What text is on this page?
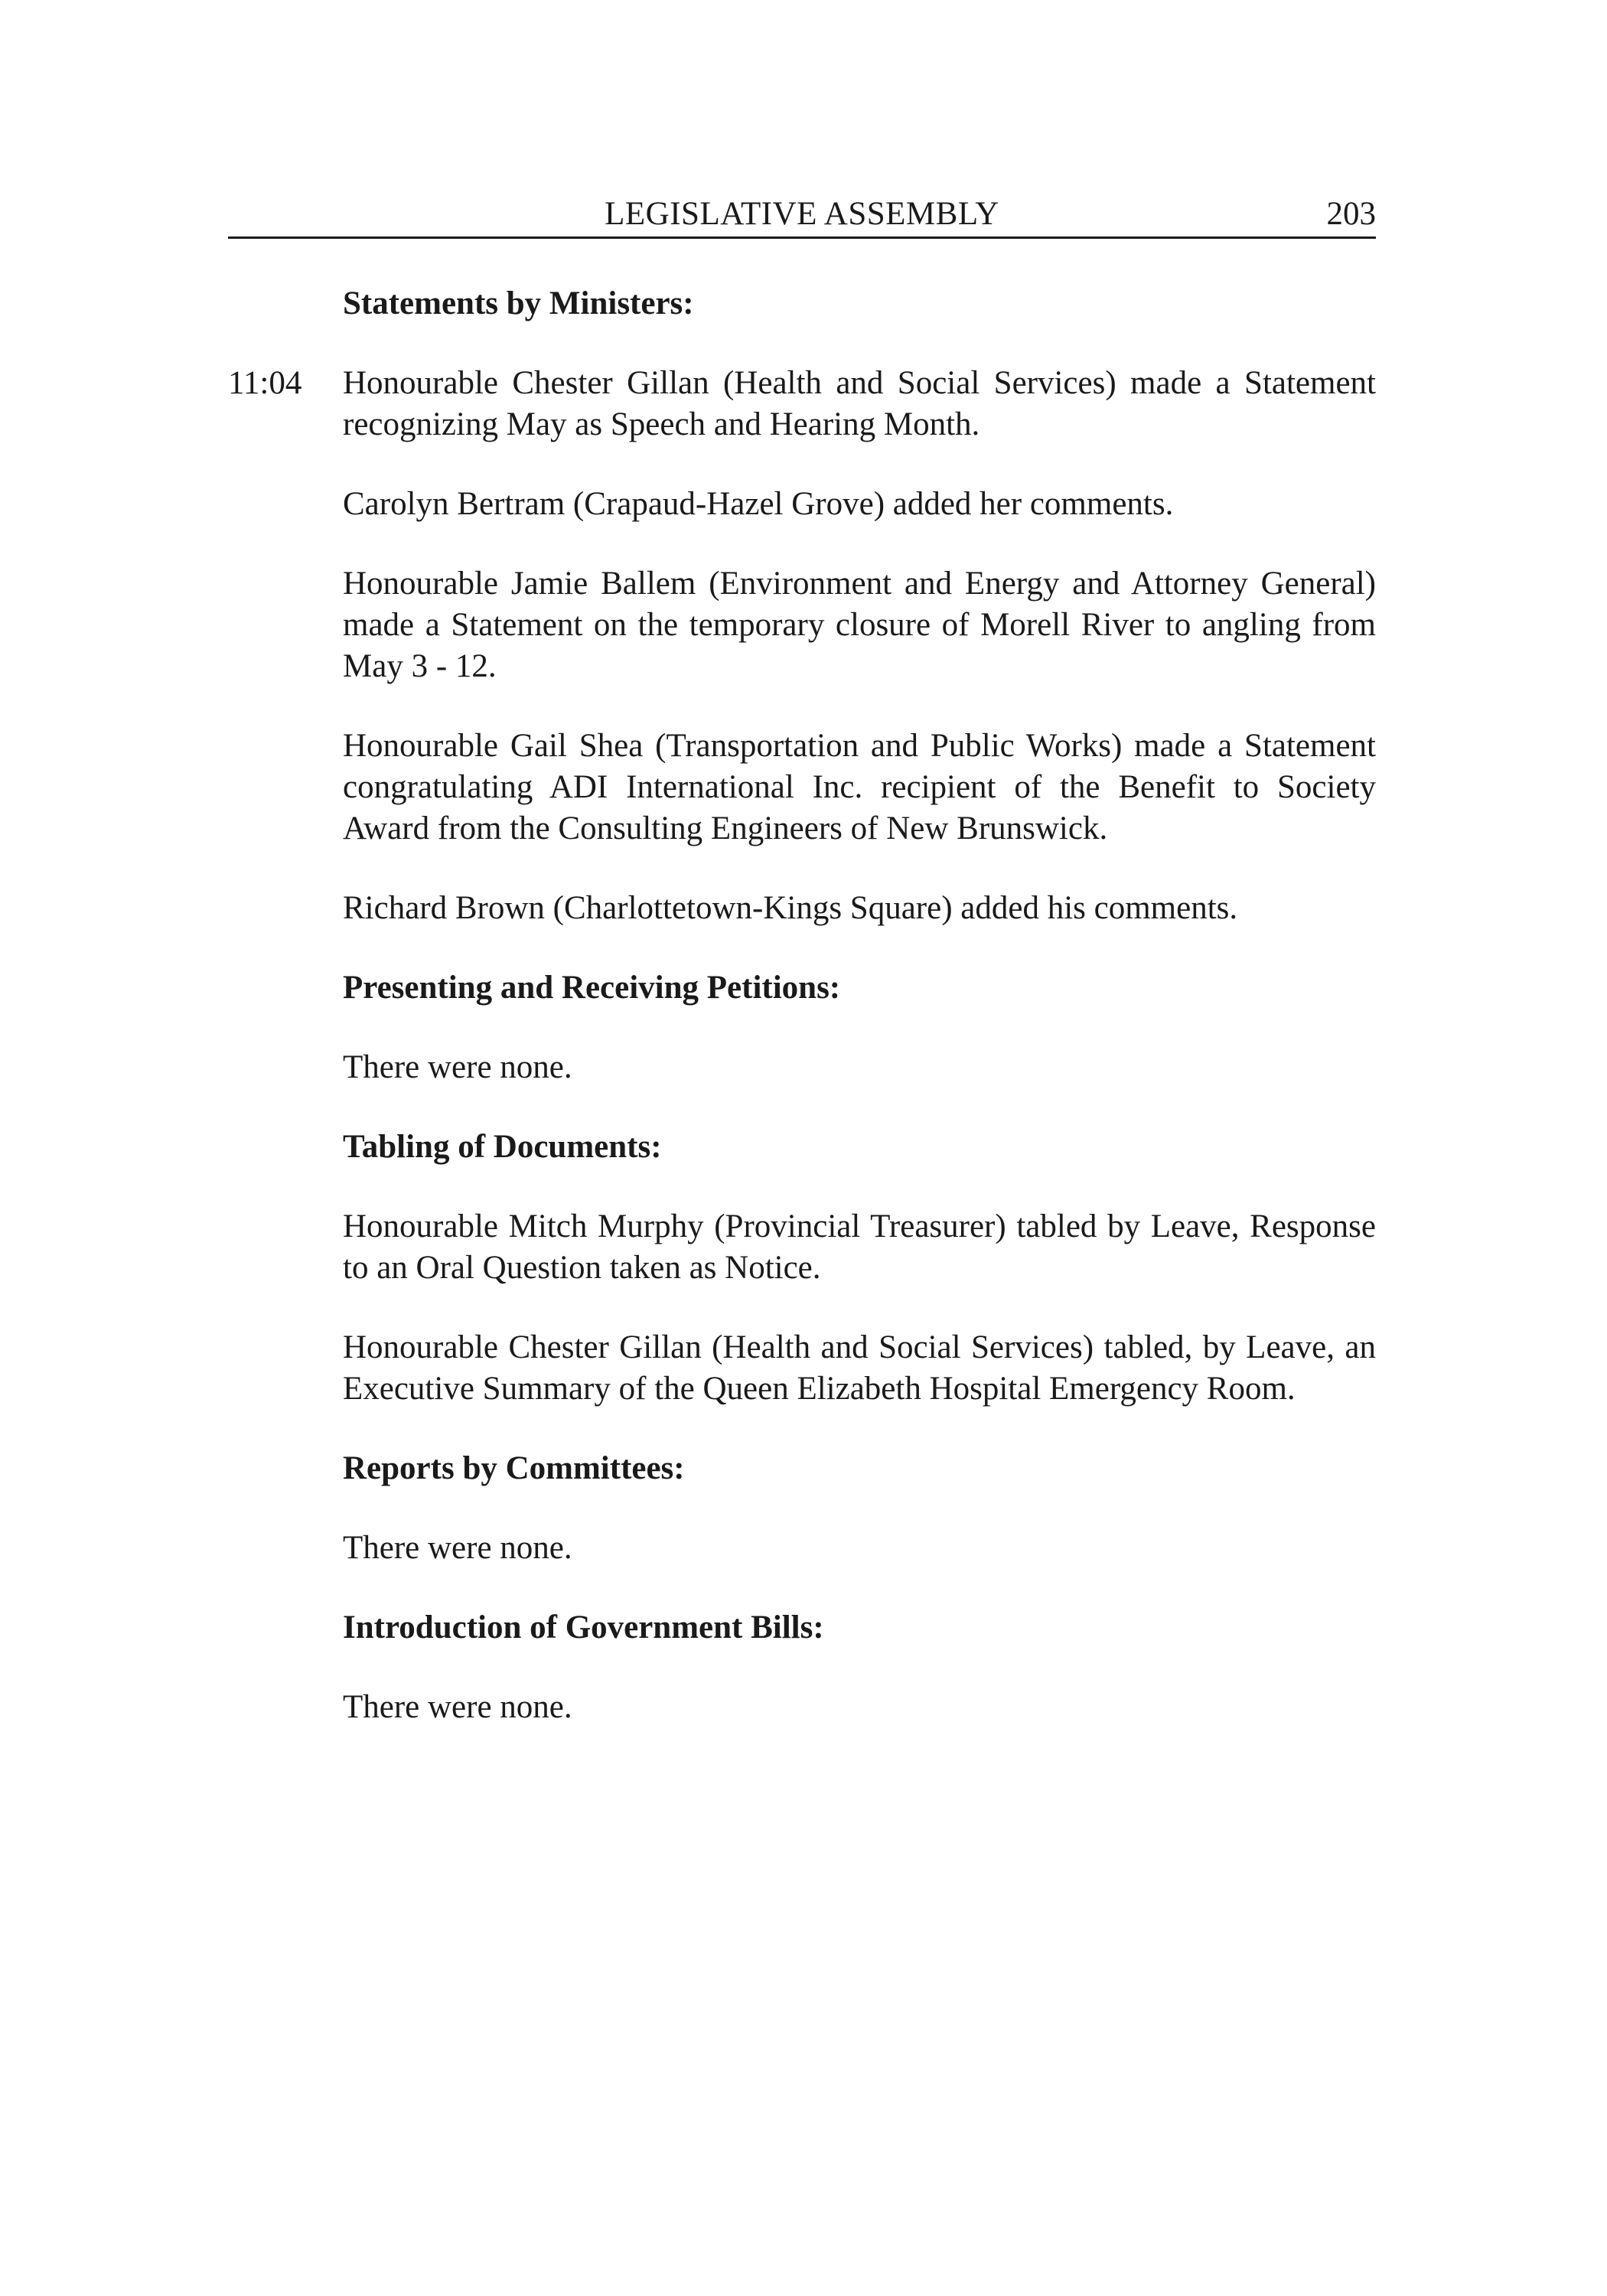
LEGISLATIVE ASSEMBLY	203

Statements by Ministers:

11:04 Honourable Chester Gillan (Health and Social Services) made a Statement recognizing May as Speech and Hearing Month.
Carolyn Bertram (Crapaud-Hazel Grove) added her comments.
Honourable Jamie Ballem (Environment and Energy and Attorney General) made a Statement on the temporary closure of Morell River to angling from May 3 - 12.
Honourable Gail Shea (Transportation and Public Works) made a Statement congratulating ADI International Inc. recipient of the Benefit to Society Award from the Consulting Engineers of New Brunswick.
Richard Brown (Charlottetown-Kings Square) added his comments.

Presenting and Receiving Petitions:

There were none.

Tabling of Documents:

Honourable Mitch Murphy (Provincial Treasurer) tabled by Leave, Response to an Oral Question taken as Notice.
Honourable Chester Gillan (Health and Social Services) tabled, by Leave, an Executive Summary of the Queen Elizabeth Hospital Emergency Room.

Reports by Committees:

There were none.

Introduction of Government Bills:

There were none.
